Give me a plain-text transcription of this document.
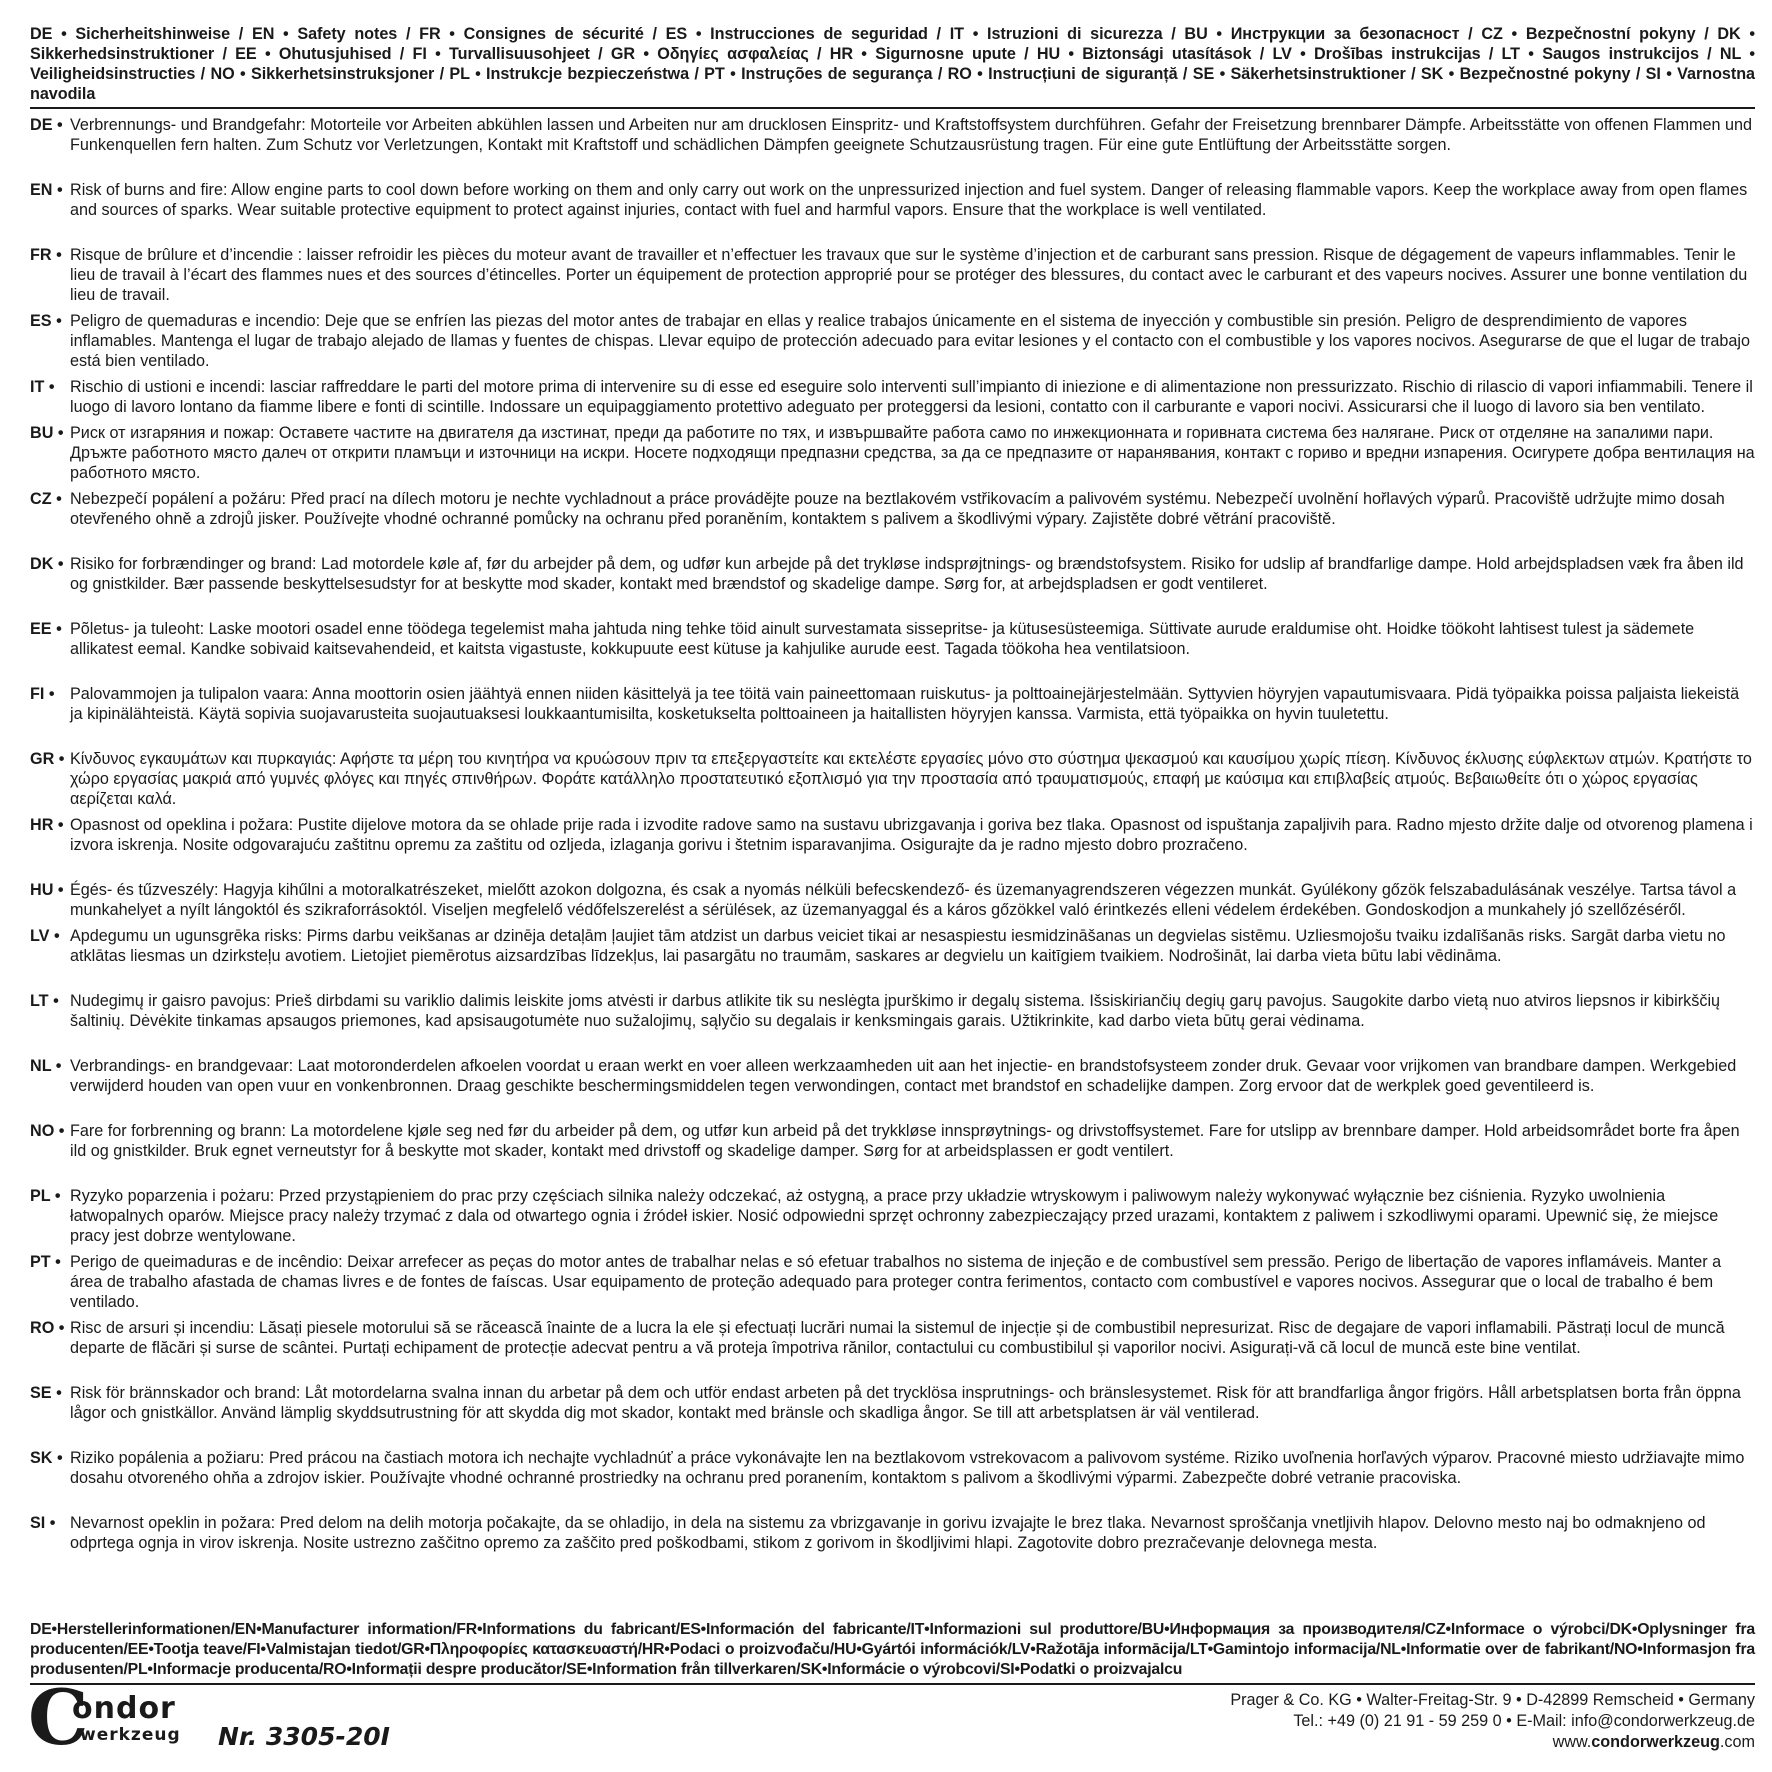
DE • Sicherheitshinweise / EN • Safety notes / FR • Consignes de sécurité / ES • Instrucciones de seguridad / IT • Istruzioni di sicurezza / BU • Инструкции за безопасност / CZ • Bezpečnostní pokyny / DK • Sikkerhedsinstruktioner / EE • Ohutusjuhised / FI • Turvallisuusohjeet / GR • Οδηγίες ασφαλείας / HR • Sigurnosne upute / HU • Biztonsági utasítások / LV • Drošības instrukcijas / LT • Saugos instrukcijos / NL • Veiligheidsinstructies / NO • Sikkerhetsinstruksjoner / PL • Instrukcje bezpieczeństwa / PT • Instruções de segurança / RO • Instrucțiuni de siguranță / SE • Säkerhetsinstruktioner / SK • Bezpečnostné pokyny / SI • Varnostna navodila
DE • Verbrennungs- und Brandgefahr: Motorteile vor Arbeiten abkühlen lassen und Arbeiten nur am drucklosen Einspritz- und Kraftstoffsystem durchführen. Gefahr der Freisetzung brennbarer Dämpfe. Arbeitsstätte von offenen Flammen und Funkenquellen fern halten. Zum Schutz vor Verletzungen, Kontakt mit Kraftstoff und schädlichen Dämpfen geeignete Schutzausrüstung tragen. Für eine gute Entlüftung der Arbeitsstätte sorgen.
EN • Risk of burns and fire: Allow engine parts to cool down before working on them and only carry out work on the unpressurized injection and fuel system. Danger of releasing flammable vapors. Keep the workplace away from open flames and sources of sparks. Wear suitable protective equipment to protect against injuries, contact with fuel and harmful vapors. Ensure that the workplace is well ventilated.
FR • Risque de brûlure et d’incendie : laisser refroidir les pièces du moteur avant de travailler et n’effectuer les travaux que sur le système d’injection et de carburant sans pression. Risque de dégagement de vapeurs inflammables. Tenir le lieu de travail à l’écart des flammes nues et des sources d’étincelles. Porter un équipement de protection approprié pour se protéger des blessures, du contact avec le carburant et des vapeurs nocives. Assurer une bonne ventilation du lieu de travail.
ES • Peligro de quemaduras e incendio: Deje que se enfríen las piezas del motor antes de trabajar en ellas y realice trabajos únicamente en el sistema de inyección y combustible sin presión. Peligro de desprendimiento de vapores inflamables. Mantenga el lugar de trabajo alejado de llamas y fuentes de chispas. Llevar equipo de protección adecuado para evitar lesiones y el contacto con el combustible y los vapores nocivos. Asegurarse de que el lugar de trabajo está bien ventilado.
IT • Rischio di ustioni e incendi: lasciar raffreddare le parti del motore prima di intervenire su di esse ed eseguire solo interventi sull’impianto di iniezione e di alimentazione non pressurizzato. Rischio di rilascio di vapori infiammabili. Tenere il luogo di lavoro lontano da fiamme libere e fonti di scintille. Indossare un equipaggiamento protettivo adeguato per proteggersi da lesioni, contatto con il carburante e vapori nocivi. Assicurarsi che il luogo di lavoro sia ben ventilato.
BU • Риск от изгаряния и пожар: Оставете частите на двигателя да изстинат, преди да работите по тях, и извършвайте работа само по инжекционната и горивната система без налягане. Риск от отделяне на запалими пари. Дръжте работното място далеч от открити пламъци и източници на искри. Носете подходящи предпазни средства, за да се предпазите от наранявания, контакт с гориво и вредни изпарения. Осигурете добра вентилация на работното място.
CZ • Nebezpečí popálení a požáru: Před prací na dílech motoru je nechte vychladnout a práce provádějte pouze na beztlakovém vstřikovacím a palivovém systému. Nebezpečí uvolnění hořlavých výparů. Pracoviště udržujte mimo dosah otevřeného ohně a zdrojů jisker. Používejte vhodné ochranné pomůcky na ochranu před poraněním, kontaktem s palivem a škodlivými výpary. Zajistěte dobré větrání pracoviště.
DK • Risiko for forbrændinger og brand: Lad motordele køle af, før du arbejder på dem, og udfør kun arbejde på det trykløse indsprøjtnings- og brændstofsystem. Risiko for udslip af brandfarlige dampe. Hold arbejdspladsen væk fra åben ild og gnistkilder. Bær passende beskyttelsesudstyr for at beskytte mod skader, kontakt med brændstof og skadelige dampe. Sørg for, at arbejdspladsen er godt ventileret.
EE • Põletus- ja tuleoht: Laske mootori osadel enne töödega tegelemist maha jahtuda ning tehke töid ainult survestamata sissepritse- ja kütusesüsteemiga. Süttivate aurude eraldumise oht. Hoidke töökoht lahtisest tulest ja sädemete allikatest eemal. Kandke sobivaid kaitsevahendeid, et kaitsta vigastuste, kokkupuute eest kütuse ja kahjulike aurude eest. Tagada töökoha hea ventilatsioon.
FI • Palovammojen ja tulipalon vaara: Anna moottorin osien jäähtyä ennen niiden käsittelyä ja tee töitä vain paineettomaan ruiskutus- ja polttoainejärjestelmään. Syttyvien höyryjen vapautumisvaara. Pidä työpaikka poissa paljaista liekeistä ja kipinälähteistä. Käytä sopivia suojavarusteita suojautuaksesi loukkaantumisilta, kosketukselta polttoaineen ja haitallisten höyryjen kanssa. Varmista, että työpaikka on hyvin tuuletettu.
GR • Κίνδυνος εγκαυμάτων και πυρκαγιάς: Αφήστε τα μέρη του κινητήρα να κρυώσουν πριν τα επεξεργαστείτε και εκτελέστε εργασίες μόνο στο σύστημα ψεκασμού και καυσίμου χωρίς πίεση. Κίνδυνος έκλυσης εύφλεκτων ατμών. Κρατήστε το χώρο εργασίας μακριά από γυμνές φλόγες και πηγές σπινθήρων. Φοράτε κατάλληλο προστατευτικό εξοπλισμό για την προστασία από τραυματισμούς, επαφή με καύσιμα και επιβλαβείς ατμούς. Βεβαιωθείτε ότι ο χώρος εργασίας αερίζεται καλά.
HR • Opasnost od opeklina i požara: Pustite dijelove motora da se ohlade prije rada i izvodite radove samo na sustavu ubrizgavanja i goriva bez tlaka. Opasnost od ispuštanja zapaljivih para. Radno mjesto držite dalje od otvorenog plamena i izvora iskrenja. Nosite odgovarajuću zaštitnu opremu za zaštitu od ozljeda, izlaganja gorivu i štetnim isparavanjima. Osigurajte da je radno mjesto dobro prozračeno.
HU • Égés- és tűzveszély: Hagyja kihűlni a motoralkatrészeket, mielőtt azokon dolgozna, és csak a nyomás nélküli befecskendező- és üzemanyagrendszeren végezzen munkát. Gyúlékony gőzök felszabadulásának veszélye. Tartsa távol a munkahelyet a nyílt lángoktól és szikraforrásoktól. Viseljen megfelelő védőfelszerelést a sérülések, az üzemanyaggal és a káros gőzökkel való érintkezés elleni védelem érdekében. Gondoskodjon a munkahely jó szellőzéséről.
LV • Apdegumu un ugunsgrēka risks: Pirms darbu veikšanas ar dzinēja detaļām ļaujiet tām atdzist un darbus veiciet tikai ar nesaspiestu iesmidzināšanas un degvielas sistēmu. Uzliesmojošu tvaiku izdalīšanās risks. Sargāt darba vietu no atklātas liesmas un dzirksteļu avotiem. Lietojiet piemērotus aizsardzības līdzekļus, lai pasargātu no traumām, saskares ar degvielu un kaitīgiem tvaikiem. Nodrošināt, lai darba vieta būtu labi vēdināma.
LT • Nudegimų ir gaisro pavojus: Prieš dirbdami su variklio dalimis leiskite joms atvėsti ir darbus atlikite tik su neslėgta įpurškimo ir degalų sistema. Išsiskiriančių degių garų pavojus. Saugokite darbo vietą nuo atviros liepsnos ir kibirkščių šaltinių. Dėvėkite tinkamas apsaugos priemones, kad apsisaugotumėte nuo sužalojimų, sąlyčio su degalais ir kenksmingais garais. Užtikrinkite, kad darbo vieta būtų gerai vėdinama.
NL • Verbrandings- en brandgevaar: Laat motoronderdelen afkoelen voordat u eraan werkt en voer alleen werkzaamheden uit aan het injectie- en brandstofsysteem zonder druk. Gevaar voor vrijkomen van brandbare dampen. Werkgebied verwijderd houden van open vuur en vonkenbronnen. Draag geschikte beschermingsmiddelen tegen verwondingen, contact met brandstof en schadelijke dampen. Zorg ervoor dat de werkplek goed geventileerd is.
NO • Fare for forbrenning og brann: La motordelene kjøle seg ned før du arbeider på dem, og utfør kun arbeid på det trykkløse innsprøytnings- og drivstoffsystemet. Fare for utslipp av brennbare damper. Hold arbeidsområdet borte fra åpen ild og gnistkilder. Bruk egnet verneutstyr for å beskytte mot skader, kontakt med drivstoff og skadelige damper. Sørg for at arbeidsplassen er godt ventilert.
PL • Ryzyko poparzenia i pożaru: Przed przystąpieniem do prac przy częściach silnika należy odczekać, aż ostygną, a prace przy układzie wtryskowym i paliwowym należy wykonywać wyłącznie bez ciśnienia. Ryzyko uwolnienia łatwopalnych oparów. Miejsce pracy należy trzymać z dala od otwartego ognia i źródeł iskier. Nosić odpowiedni sprzęt ochronny zabezpieczający przed urazami, kontaktem z paliwem i szkodliwymi oparami. Upewnić się, że miejsce pracy jest dobrze wentylowane.
PT • Perigo de queimaduras e de incêndio: Deixar arrefecer as peças do motor antes de trabalhar nelas e só efetuar trabalhos no sistema de injeção e de combustível sem pressão. Perigo de libertação de vapores inflamáveis. Manter a área de trabalho afastada de chamas livres e de fontes de faíscas. Usar equipamento de proteção adequado para proteger contra ferimentos, contacto com combustível e vapores nocivos. Assegurar que o local de trabalho é bem ventilado.
RO • Risc de arsuri și incendiu: Lăsați piesele motorului să se răcească înainte de a lucra la ele și efectuați lucrări numai la sistemul de injecție și de combustibil nepresurizat. Risc de degajare de vapori inflamabili. Păstrați locul de muncă departe de flăcări și surse de scântei. Purtați echipament de protecție adecvat pentru a vă proteja împotriva rănilor, contactului cu combustibilul și vaporilor nocivi. Asigurați-vă că locul de muncă este bine ventilat.
SE • Risk för brännskador och brand: Låt motordelarna svalna innan du arbetar på dem och utför endast arbeten på det trycklösa insprutnings- och bränslesystemet. Risk för att brandfarliga ångor frigörs. Håll arbetsplatsen borta från öppna lågor och gnistkällor. Använd lämplig skyddsutrustning för att skydda dig mot skador, kontakt med bränsle och skadliga ångor. Se till att arbetsplatsen är väl ventilerad.
SK • Riziko popálenia a požiaru: Pred prácou na častiach motora ich nechajte vychladnúť a práce vykonávajte len na beztlakovom vstrekovacom a palivovom systéme. Riziko uvoľnenia horľavých výparov. Pracovné miesto udržiavajte mimo dosahu otvoreného ohňa a zdrojov iskier. Používajte vhodné ochranné prostriedky na ochranu pred poranením, kontaktom s palivom a škodlivými výparmi. Zabezpečte dobré vetranie pracoviska.
SI • Nevarnost opeklin in požara: Pred delom na delih motorja počakajte, da se ohladijo, in dela na sistemu za vbrizgavanje in gorivu izvajajte le brez tlaka. Nevarnost sproščanja vnetljivih hlapov. Delovno mesto naj bo odmaknjeno od odprtega ognja in virov iskrenja. Nosite ustrezno zaščitno opremo za zaščito pred poškodbami, stikom z gorivom in škodljivimi hlapi. Zagotovite dobro prezračevanje delovnega mesta.
DE•Herstellerinformationen/EN•Manufacturer information/FR•Informations du fabricant/ES•Información del fabricante/IT•Informazioni sul produttore/BU•Информация за производителя/CZ•Informace o výrobci/DK•Oplysninger fra producenten/EE•Tootja teave/FI•Valmistajan tiedot/GR•Πληροφορίες κατασκευαστή/HR•Podaci o proizvođaču/HU•Gyártói információk/LV•Ražotāja informācija/LT•Gamintojo informacija/NL•Informatie over de fabrikant/NO•Informasjon fra produsenten/PL•Informacje producenta/RO•Informații despre producător/SE•Information från tillverkaren/SK•Informácie o výrobcovi/SI•Podatki o proizvajalcu
C
ondor
werkzeug Nr. 3305-20I
Prager & Co. KG • Walter-Freitag-Str. 9 • D-42899 Remscheid • Germany
Tel.: +49 (0) 21 91 - 59 259 0 • E-Mail: info@condorwerkzeug.de
www.condorwerkzeug.com
